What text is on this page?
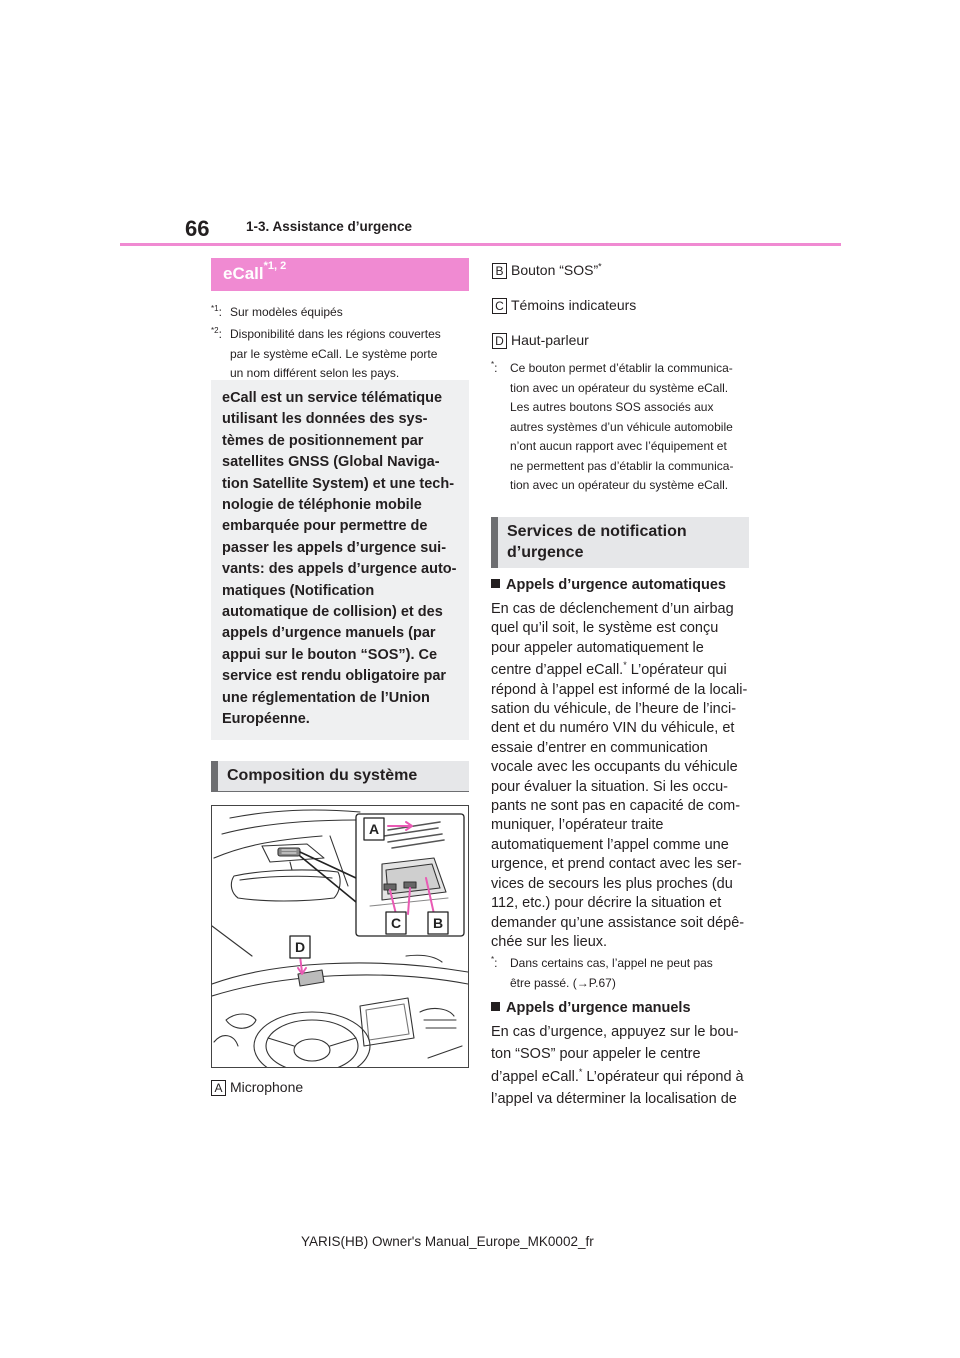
66	1-3. Assistance d’urgence
eCall$^{*1, 2}$
$^{*1}$: Sur modèles équipés
$^{*2}$: Disponibilité dans les régions couvertes
par le système eCall. Le système porte
un nom différent selon les pays.
eCall est un service télématique
utilisant les données des sys-
tèmes de positionnement par
satellites GNSS (Global Naviga-
tion Satellite System) et une tech-
nologie de téléphonie mobile
embarquée pour permettre de
passer les appels d’urgence sui-
vants: des appels d’urgence auto-
matiques (Notification
automatique de collision) et des
appels d’urgence manuels (par
appui sur le bouton “SOS”). Ce
service est rendu obligatoire par
une réglementation de l’Union
Européenne.
Composition du système
A
C B
D
A Microphone
B Bouton “SOS”*
C Témoins indicateurs
D Haut-parleur
*:	Ce bouton permet d’établir la communica-
tion avec un opérateur du système eCall.
Les autres boutons SOS associés aux
autres systèmes d’un véhicule automobile
n’ont aucun rapport avec l’équipement et
ne permettent pas d’établir la communica-
tion avec un opérateur du système eCall.
Services de notification
d’urgence
Appels d’urgence automatiques
En cas de déclenchement d’un airbag
quel qu’il soit, le système est conçu
pour appeler automatiquement le
centre d’appel eCall.* L’opérateur qui
répond à l’appel est informé de la locali-
sation du véhicule, de l’heure de l’inci-
dent et du numéro VIN du véhicule, et
essaie d’entrer en communication
vocale avec les occupants du véhicule
pour évaluer la situation. Si les occu-
pants ne sont pas en capacité de com-
muniquer, l’opérateur traite
automatiquement l’appel comme une
urgence, et prend contact avec les ser-
vices de secours les plus proches (du
112, etc.) pour décrire la situation et
demander qu’une assistance soit dépê-
chée sur les lieux.
*:	Dans certains cas, l’appel ne peut pas
être passé. (→P.67)
Appels d’urgence manuels
En cas d’urgence, appuyez sur le bou-
ton “SOS” pour appeler le centre
d’appel eCall.* L’opérateur qui répond à
l’appel va déterminer la localisation de
YARIS(HB) Owner's Manual_Europe_MK0002_fr
